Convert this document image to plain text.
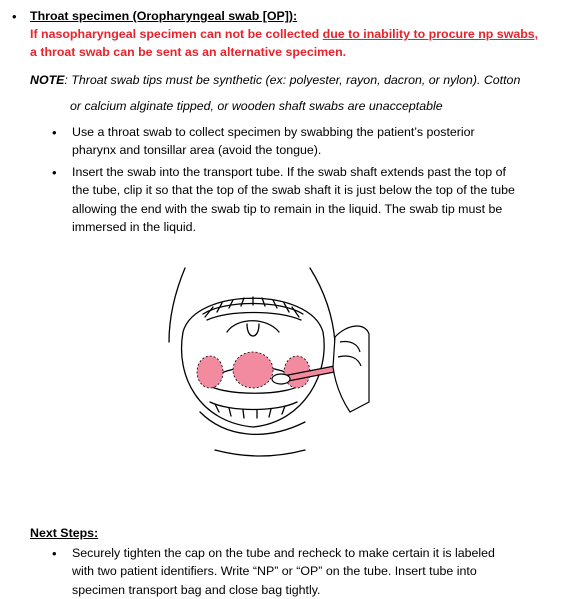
• Throat specimen (Oropharyngeal swab [OP]):
If nasopharyngeal specimen can not be collected due to inability to procure np swabs,
a throat swab can be sent as an alternative specimen.
NOTE: Throat swab tips must be synthetic (ex: polyester, rayon, dacron, or nylon). Cotton
or calcium alginate tipped, or wooden shaft swabs are unacceptable
• Use a throat swab to collect specimen by swabbing the patient’s posterior pharynx and tonsillar area (avoid the tongue).

• Insert the swab into the transport tube. If the swab shaft extends past the top of the tube, clip it so that the top of the swab shaft it is just below the top of the tube allowing the end with the swab tip to remain in the liquid. The swab tip must be immersed in the liquid.

Next Steps:
• Securely tighten the cap on the tube and recheck to make certain it is labeled with two patient identifiers. Write “NP” or “OP” on the tube. Insert tube into specimen transport bag and close bag tightly.
